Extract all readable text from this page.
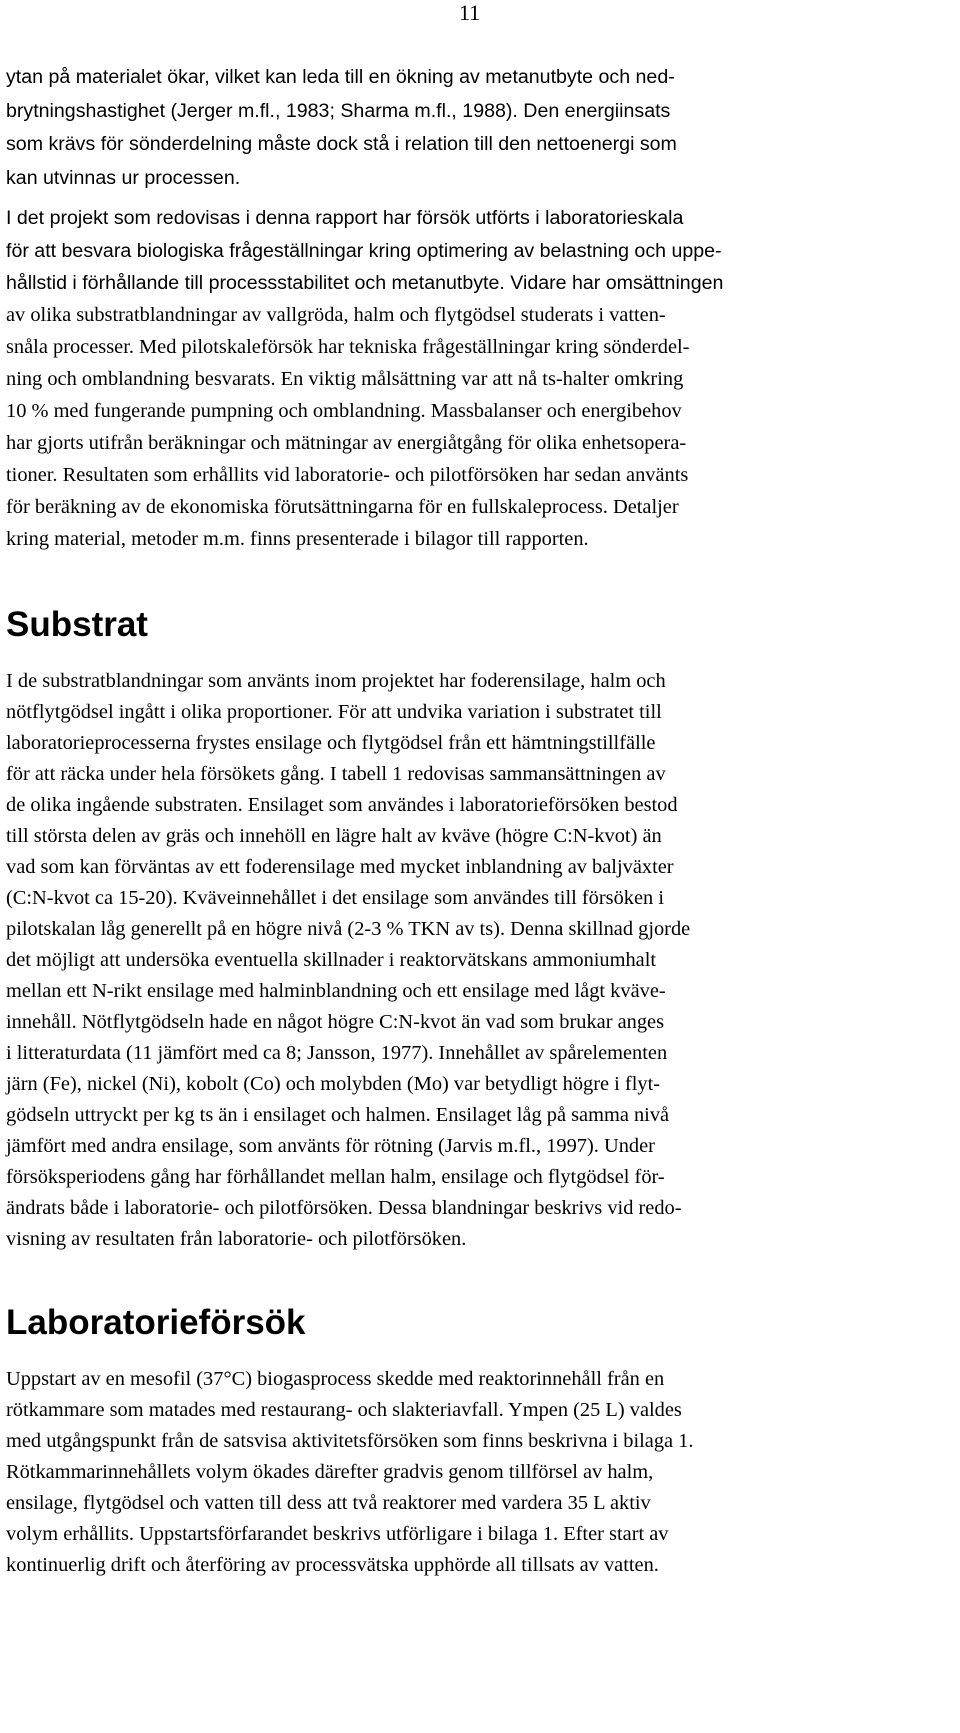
11
ytan på materialet ökar, vilket kan leda till en ökning av metanutbyte och ned-
brytningshastighet (Jerger m.fl., 1983; Sharma m.fl., 1988). Den energiinsats
som krävs för sönderdelning måste dock stå i relation till den nettoenergi som
kan utvinnas ur processen.
I det projekt som redovisas i denna rapport har försök utförts i laboratorieskala
för att besvara biologiska frågeställningar kring optimering av belastning och uppe-
hållstid i förhållande till processstabilitet och metanutbyte. Vidare har omsättningen
av olika substratblandningar av vallgröda, halm och flytgödsel studerats i vatten-
snåla processer. Med pilotskaleförsök har tekniska frågeställningar kring sönderdel-
ning och omblandning besvarats. En viktig målsättning var att nå ts-halter omkring
10 % med fungerande pumpning och omblandning. Massbalanser och energibehov
har gjorts utifrån beräkningar och mätningar av energiåtgång för olika enhetsopera-
tioner. Resultaten som erhållits vid laboratorie- och pilotförsöken har sedan använts
för beräkning av de ekonomiska förutsättningarna för en fullskaleprocess. Detaljer
kring material, metoder m.m. finns presenterade i bilagor till rapporten.
Substrat
I de substratblandningar som använts inom projektet har foderensilage, halm och
nötflytgödsel ingått i olika proportioner. För att undvika variation i substratet till
laboratorieprocesserna frystes ensilage och flytgödsel från ett hämtningstillfälle
för att räcka under hela försökets gång. I tabell 1 redovisas sammansättningen av
de olika ingående substraten. Ensilaget som användes i laboratorieförsöken bestod
till största delen av gräs och innehöll en lägre halt av kväve (högre C:N-kvot) än
vad som kan förväntas av ett foderensilage med mycket inblandning av baljväxter
(C:N-kvot ca 15-20). Kväveinnehållet i det ensilage som användes till försöken i
pilotskalan låg generellt på en högre nivå (2-3 % TKN av ts). Denna skillnad gjorde
det möjligt att undersöka eventuella skillnader i reaktorvätskans ammoniumhalt
mellan ett N-rikt ensilage med halminblandning och ett ensilage med lågt kväve-
innehåll. Nötflytgödseln hade en något högre C:N-kvot än vad som brukar anges
i litteraturdata (11 jämfört med ca 8; Jansson, 1977). Innehållet av spårelementen
järn (Fe), nickel (Ni), kobolt (Co) och molybden (Mo) var betydligt högre i flyt-
gödseln uttryckt per kg ts än i ensilaget och halmen. Ensilaget låg på samma nivå
jämfört med andra ensilage, som använts för rötning (Jarvis m.fl., 1997). Under
försöksperiodens gång har förhållandet mellan halm, ensilage och flytgödsel för-
ändrats både i laboratorie- och pilotförsöken. Dessa blandningar beskrivs vid redo-
visning av resultaten från laboratorie- och pilotförsöken.
Laboratorieförsök
Uppstart av en mesofil (37°C) biogasprocess skedde med reaktorinnehåll från en
rötkammare som matades med restaurang- och slakteriavfall. Ympen (25 L) valdes
med utgångspunkt från de satsvisa aktivitetsförsöken som finns beskrivna i bilaga 1.
Rötkammarinnehållets volym ökades därefter gradvis genom tillförsel av halm,
ensilage, flytgödsel och vatten till dess att två reaktorer med vardera 35 L aktiv
volym erhållits. Uppstartsförfarandet beskrivs utförligare i bilaga 1. Efter start av
kontinuerlig drift och återföring av processvätska upphörde all tillsats av vatten.
